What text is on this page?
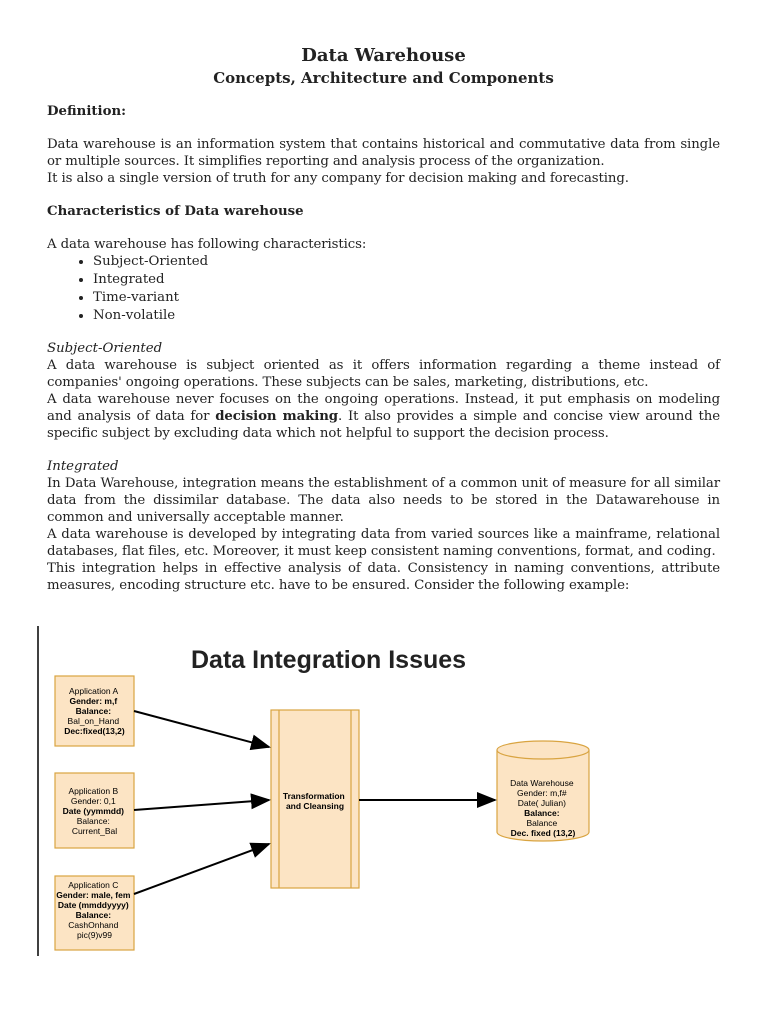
Data Warehouse

Concepts, Architecture and Components

Definition:

Data warehouse is an information system that contains historical and commutative data from single or multiple sources. It simplifies reporting and analysis process of the organization.

It is also a single version of truth for any company for decision making and forecasting.

Characteristics of Data warehouse

A data warehouse has following characteristics:

• Subject-Oriented
• Integrated
• Time-variant
• Non-volatile

Subject-Oriented

A data warehouse is subject oriented as it offers information regarding a theme instead of companies' ongoing operations. These subjects can be sales, marketing, distributions, etc.

A data warehouse never focuses on the ongoing operations. Instead, it put emphasis on modeling and analysis of data for decision making. It also provides a simple and concise view around the specific subject by excluding data which not helpful to support the decision process.

Integrated

In Data Warehouse, integration means the establishment of a common unit of measure for all similar data from the dissimilar database. The data also needs to be stored in the Datawarehouse in common and universally acceptable manner.

A data warehouse is developed by integrating data from varied sources like a mainframe, relational databases, flat files, etc. Moreover, it must keep consistent naming conventions, format, and coding.

This integration helps in effective analysis of data. Consistency in naming conventions, attribute measures, encoding structure etc. have to be ensured. Consider the following example:

Data Integration Issues
Application A Gender: m,f Balance: Bal_on_Hand Dec:fixed(13,2)
Application B Gender: 0,1 Date (yymmdd) Balance: Current_Bal
Application C Gender: male, fem Date (mmddyyyy) Balance: CashOnhand pic(9)v99
Transformation and Cleansing
Data Warehouse Gender: m,f# Date( Julian) Balance: Balance Dec. fixed (13,2)
